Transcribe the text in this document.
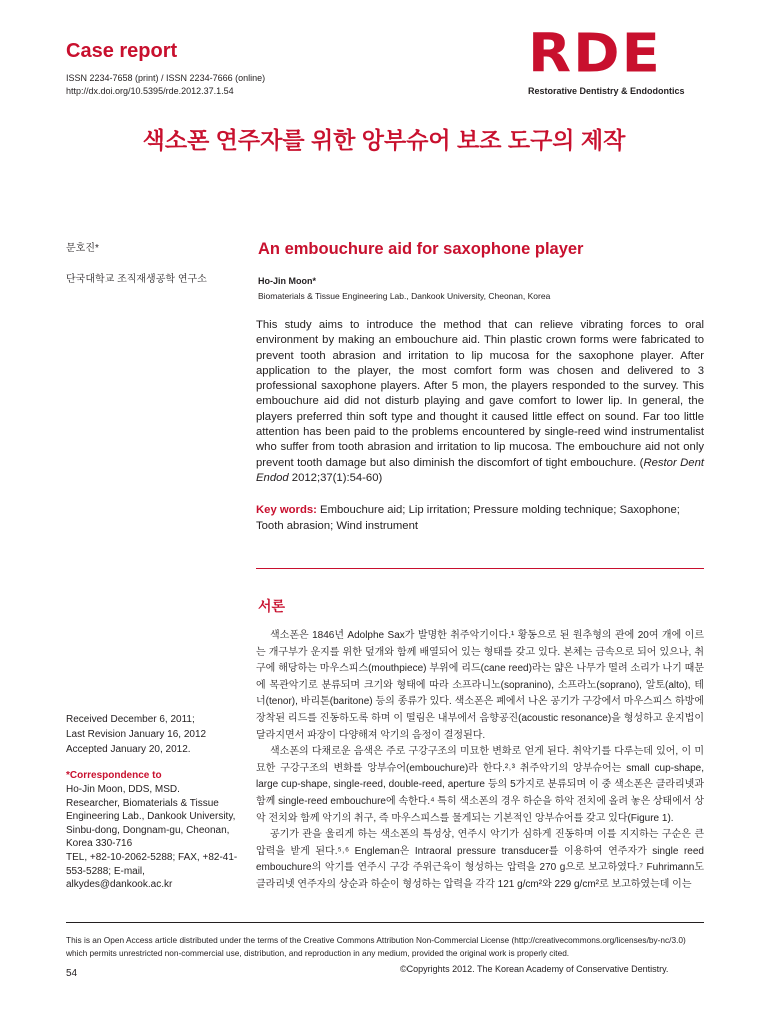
Case report
ISSN 2234-7658 (print) / ISSN 2234-7666 (online)
http://dx.doi.org/10.5395/rde.2012.37.1.54
RDE
Restorative Dentistry & Endodontics
색소폰 연주자를 위한 앙부슈어 보조 도구의 제작
문호진*
단국대학교 조직재생공학 연구소
An embouchure aid for saxophone player
Ho-Jin Moon*
Biomaterials & Tissue Engineering Lab., Dankook University, Cheonan, Korea
This study aims to introduce the method that can relieve vibrating forces to oral environment by making an embouchure aid. Thin plastic crown forms were fabricated to prevent tooth abrasion and irritation to lip mucosa for the saxophone player. After application to the player, the most comfort form was chosen and delivered to 3 professional saxophone players. After 5 mon, the players responded to the survey. This embouchure aid did not disturb playing and gave comfort to lower lip. In general, the players preferred thin soft type and thought it caused little effect on sound. Far too little attention has been paid to the problems encountered by single-reed wind instrumentalist who suffer from tooth abrasion and irritation to lip mucosa. The embouchure aid not only prevent tooth damage but also diminish the discomfort of tight embouchure. (Restor Dent Endod 2012;37(1):54-60)
Key words: Embouchure aid; Lip irritation; Pressure molding technique; Saxophone; Tooth abrasion; Wind instrument
서론

색소폰은 1846년 Adolphe Sax가 발명한 취주악기이다.¹ 황동으로 된 원추형의 관에 20여 개에 이르는 개구부가 운지를 위한 덮개와 함께 배열되어 있는 형태를 갖고 있다. 본체는 금속으로 되어 있으나, 취구에 해당하는 마우스피스(mouthpiece) 부위에 리드(cane reed)라는 얇은 나무가 떨려 소리가 나기 때문에 목관악기로 분류되며 크기와 형태에 따라 소프라니노(sopranino), 소프라노(soprano), 알토(alto), 테너(tenor), 바리톤(baritone) 등의 종류가 있다. 색소폰은 폐에서 나온 공기가 구강에서 마우스피스 하방에 장착된 리드를 진동하도록 하며 이 떨림은 내부에서 음향공진(acoustic resonance)을 형성하고 운지법이 달라지면서 파장이 다양해져 악기의 음정이 결정된다.

색소폰의 다채로운 음색은 주로 구강구조의 미묘한 변화로 얻게 된다. 취악기를 다루는데 있어, 이 미묘한 구강구조의 변화를 앙부슈어(embouchure)라 한다.²˒³ 취주악기의 앙부슈어는 small cup-shape, large cup-shape, single-reed, double-reed, aperture 등의 5가지로 분류되며 이 중 색소폰은 클라리넷과 함께 single-reed embouchure에 속한다.⁴ 특히 색소폰의 경우 하순을 하악 전치에 올려 놓은 상태에서 상악 전치와 함께 악기의 취구, 즉 마우스피스를 물게되는 기본적인 앙부슈어를 갖고 있다(Figure 1).

공기가 관을 울리게 하는 색소폰의 특성상, 연주시 악기가 심하게 진동하며 이를 지지하는 구순은 큰 압력을 받게 된다.⁵˒⁶ Engleman은 Intraoral pressure transducer를 이용하여 연주자가 single reed embouchure의 악기를 연주시 구강 주위근육이 형성하는 압력을 270 g으로 보고하였다.⁷ Fuhrimann도 클라리넷 연주자의 상순과 하순이 형성하는 압력을 각각 121 g/cm²와 229 g/cm²로 보고하였는데 이는

Received December 6, 2011;
Last Revision January 16, 2012
Accepted January 20, 2012.
*Correspondence to
Ho-Jin Moon, DDS, MSD.
Researcher, Biomaterials & Tissue Engineering Lab., Dankook University, Sinbu-dong, Dongnam-gu, Cheonan, Korea 330-716
TEL, +82-10-2062-5288; FAX, +82-41-553-5288; E-mail, alkydes@dankook.ac.kr
This is an Open Access article distributed under the terms of the Creative Commons Attribution Non-Commercial License (http://creativecommons.org/licenses/by-nc/3.0) which permits unrestricted non-commercial use, distribution, and reproduction in any medium, provided the original work is properly cited.
54	©Copyrights 2012. The Korean Academy of Conservative Dentistry.
